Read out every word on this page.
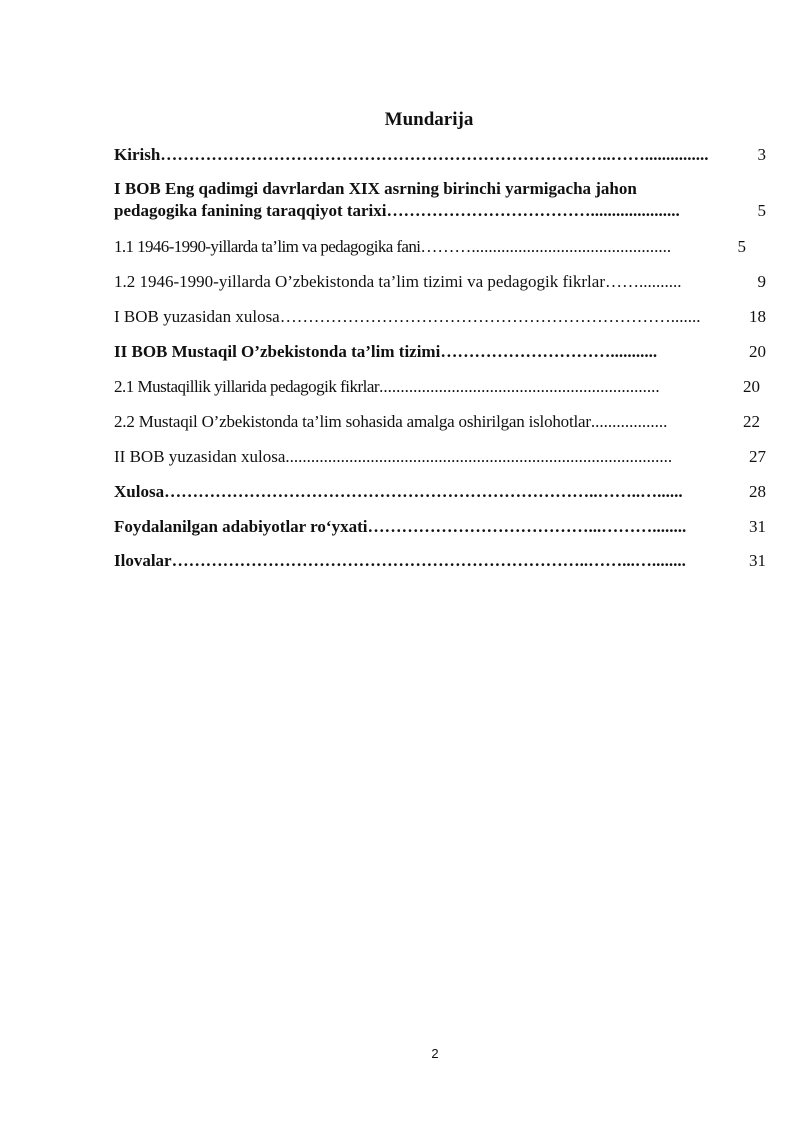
Mundarija
Kirish ……………………………………………………………………..……...............	3
I BOB Eng qadimgi davrlardan XIX asrning birinchi yarmigacha jahon
pedagogika fanining taraqqiyot tarixi ……………………………….....................	5
1.1 1946-1990-yillarda ta’lim va pedagogika fani ………...............................................	5
1.2 1946-1990-yillarda O’zbekistonda ta’lim tizimi va pedagogik fikrlar ……..........	9
I BOB yuzasidan xulosa …………………………………………………………….......	18
II BOB Mustaqil O’zbekistonda ta’lim tizimi …………………………...........	20
2.1 Mustaqillik yillarida pedagogik fikrlar ..................................................................	20
2.2 Mustaqil O’zbekistonda ta’lim sohasida amalga oshirilgan islohotlar ..................	22
II BOB yuzasidan xulosa ...........................................................................................	27
Xulosa …………………………………………………………………..……..…......	28
Foydalanilgan adabiyotlar ro‘yxati …………………………………...………........	31
Ilovalar ………………………………………………………………..……...…........	31
2
